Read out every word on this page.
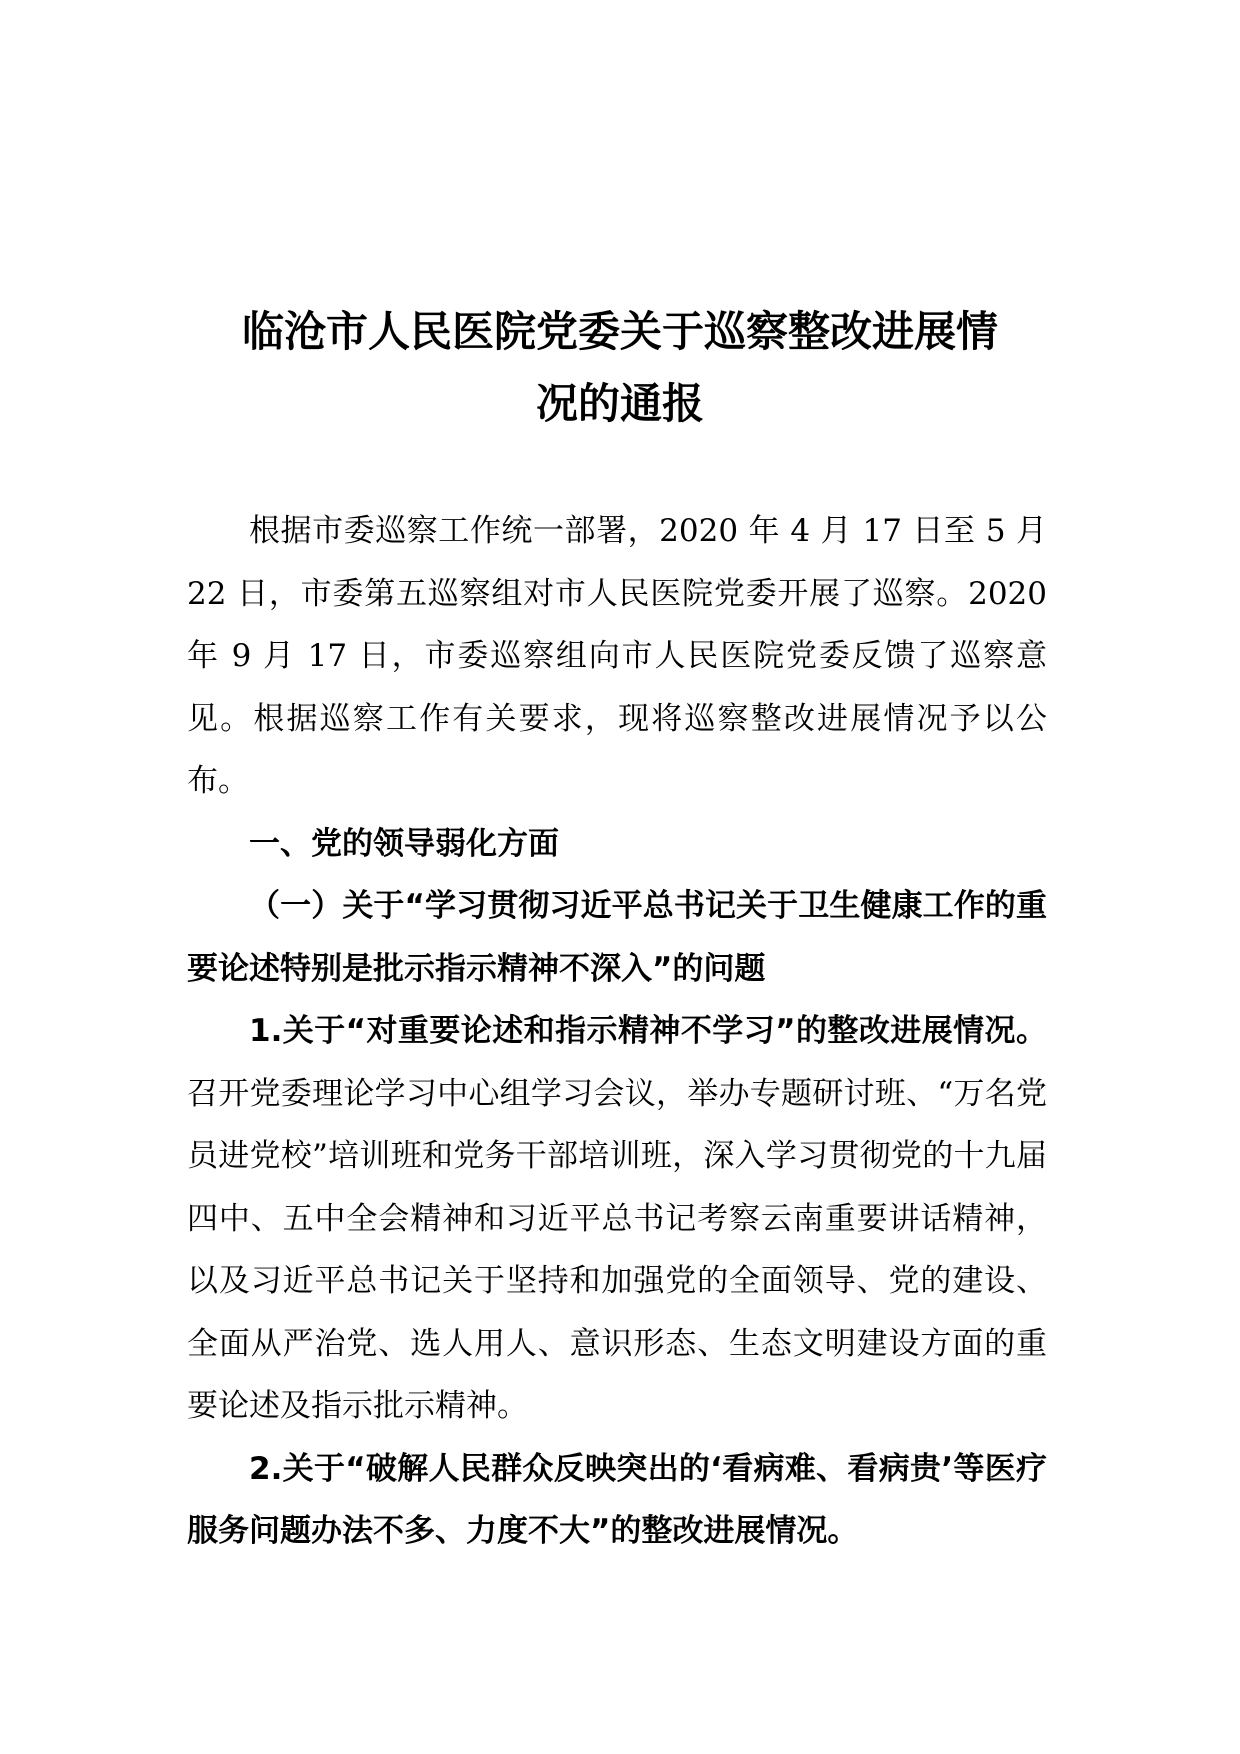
临沧市人民医院党委关于巡察整改进展情
况的通报

根据市委巡察工作统一部署，2020 年 4 月 17 日至 5 月 22 日，市委第五巡察组对市人民医院党委开展了巡察。2020 年 9 月 17 日，市委巡察组向市人民医院党委反馈了巡察意见。根据巡察工作有关要求，现将巡察整改进展情况予以公布。

一、党的领导弱化方面

（一）关于“学习贯彻习近平总书记关于卫生健康工作的重要论述特别是批示指示精神不深入”的问题

1.关于“对重要论述和指示精神不学习”的整改进展情况。召开党委理论学习中心组学习会议，举办专题研讨班、“万名党员进党校”培训班和党务干部培训班，深入学习贯彻党的十九届四中、五中全会精神和习近平总书记考察云南重要讲话精神，以及习近平总书记关于坚持和加强党的全面领导、党的建设、全面从严治党、选人用人、意识形态、生态文明建设方面的重要论述及指示批示精神。

2.关于“破解人民群众反映突出的‘看病难、看病贵’等医疗服务问题办法不多、力度不大”的整改进展情况。
